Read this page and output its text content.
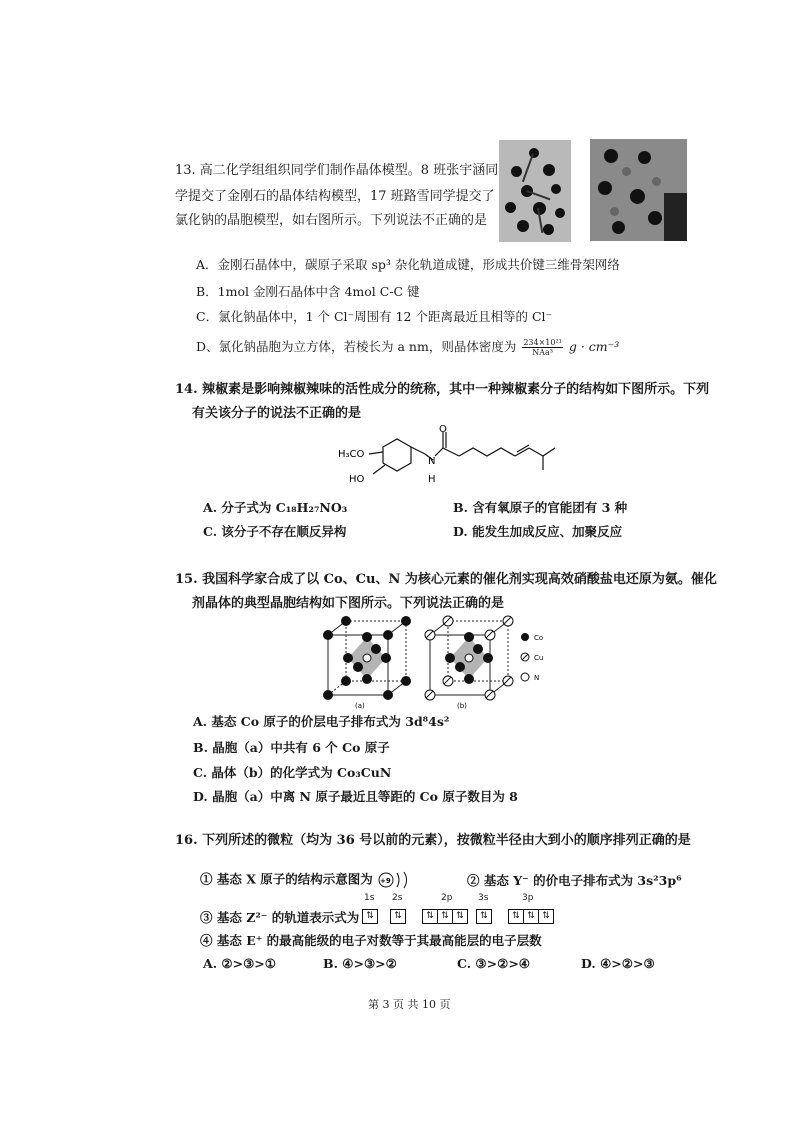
13. 高二化学组组织同学们制作晶体模型。8 班张宇涵同
学提交了金刚石的晶体结构模型，17 班路雪同学提交了
氯化钠的晶胞模型，如右图所示。下列说法不正确的是
A．金刚石晶体中，碳原子采取 sp³ 杂化轨道成键，形成共价键三维骨架网络
B．1mol 金刚石晶体中含 4mol C-C 键
C．氯化钠晶体中，1 个 Cl⁻周围有 12 个距离最近且相等的 Cl⁻
D、氯化钠晶胞为立方体，若棱长为 a nm，则晶体密度为 $\frac{\text{234×10²¹}}{\text{NAa³}}$ g · cm⁻³
14. 辣椒素是影响辣椒辣味的活性成分的统称，其中一种辣椒素分子的结构如下图所示。下列
有关该分子的说法不正确的是
H₃CO
HO
N
H
O
A. 分子式为 C₁₈H₂₇NO₃	B. 含有氧原子的官能团有 3 种
C. 该分子不存在顺反异构	D. 能发生加成反应、加聚反应
15. 我国科学家合成了以 Co、Cu、N 为核心元素的催化剂实现高效硝酸盐电还原为氨。催化
剂晶体的典型晶胞结构如下图所示。下列说法正确的是
(a)	(b)
Co
Cu
N
A. 基态 Co 原子的价层电子排布式为 3d⁸4s²
B. 晶胞（a）中共有 6 个 Co 原子
C. 晶体（b）的化学式为 Co₃CuN
D. 晶胞（a）中离 N 原子最近且等距的 Co 原子数目为 8
16. 下列所述的微粒（均为 36 号以前的元素），按微粒半径由大到小的顺序排列正确的是
① 基态 X 原子的结构示意图为 +9	② 基态 Y⁻ 的价电子排布式为 3s²3p⁶
③ 基态 Z²⁻ 的轨道表示式为
1s 2s	2p	3s	3p
⇅	⇅	⇅ ⇅ ⇅	⇅	⇅ ⇅ ⇅
④ 基态 E⁺ 的最高能级的电子对数等于其最高能层的电子层数
A. ②>③>①	B. ④>③>②	C. ③>②>④	D. ④>②>③
第 3 页 共 10 页
